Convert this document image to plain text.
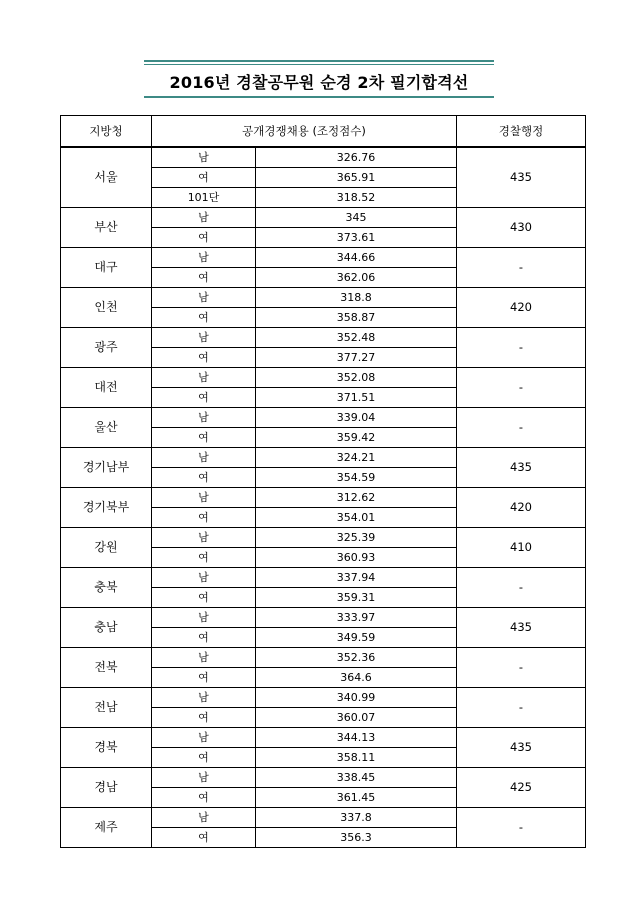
2016년 경찰공무원 순경 2차 필기합격선
지방청	공개경쟁채용 (조정점수)		경찰행정
서울	남	326.76	435
	여	365.91	
	101단	318.52	
부산	남	345	430
	여	373.61	
대구	남	344.66	-
	여	362.06	
인천	남	318.8	420
	여	358.87	
광주	남	352.48	-
	여	377.27	
대전	남	352.08	-
	여	371.51	
울산	남	339.04	-
	여	359.42	
경기남부	남	324.21	435
	여	354.59	
경기북부	남	312.62	420
	여	354.01	
강원	남	325.39	410
	여	360.93	
충북	남	337.94	-
	여	359.31	
충남	남	333.97	435
	여	349.59	
전북	남	352.36	-
	여	364.6	
전남	남	340.99	-
	여	360.07	
경북	남	344.13	435
	여	358.11	
경남	남	338.45	425
	여	361.45	
제주	남	337.8	-
	여	356.3	
